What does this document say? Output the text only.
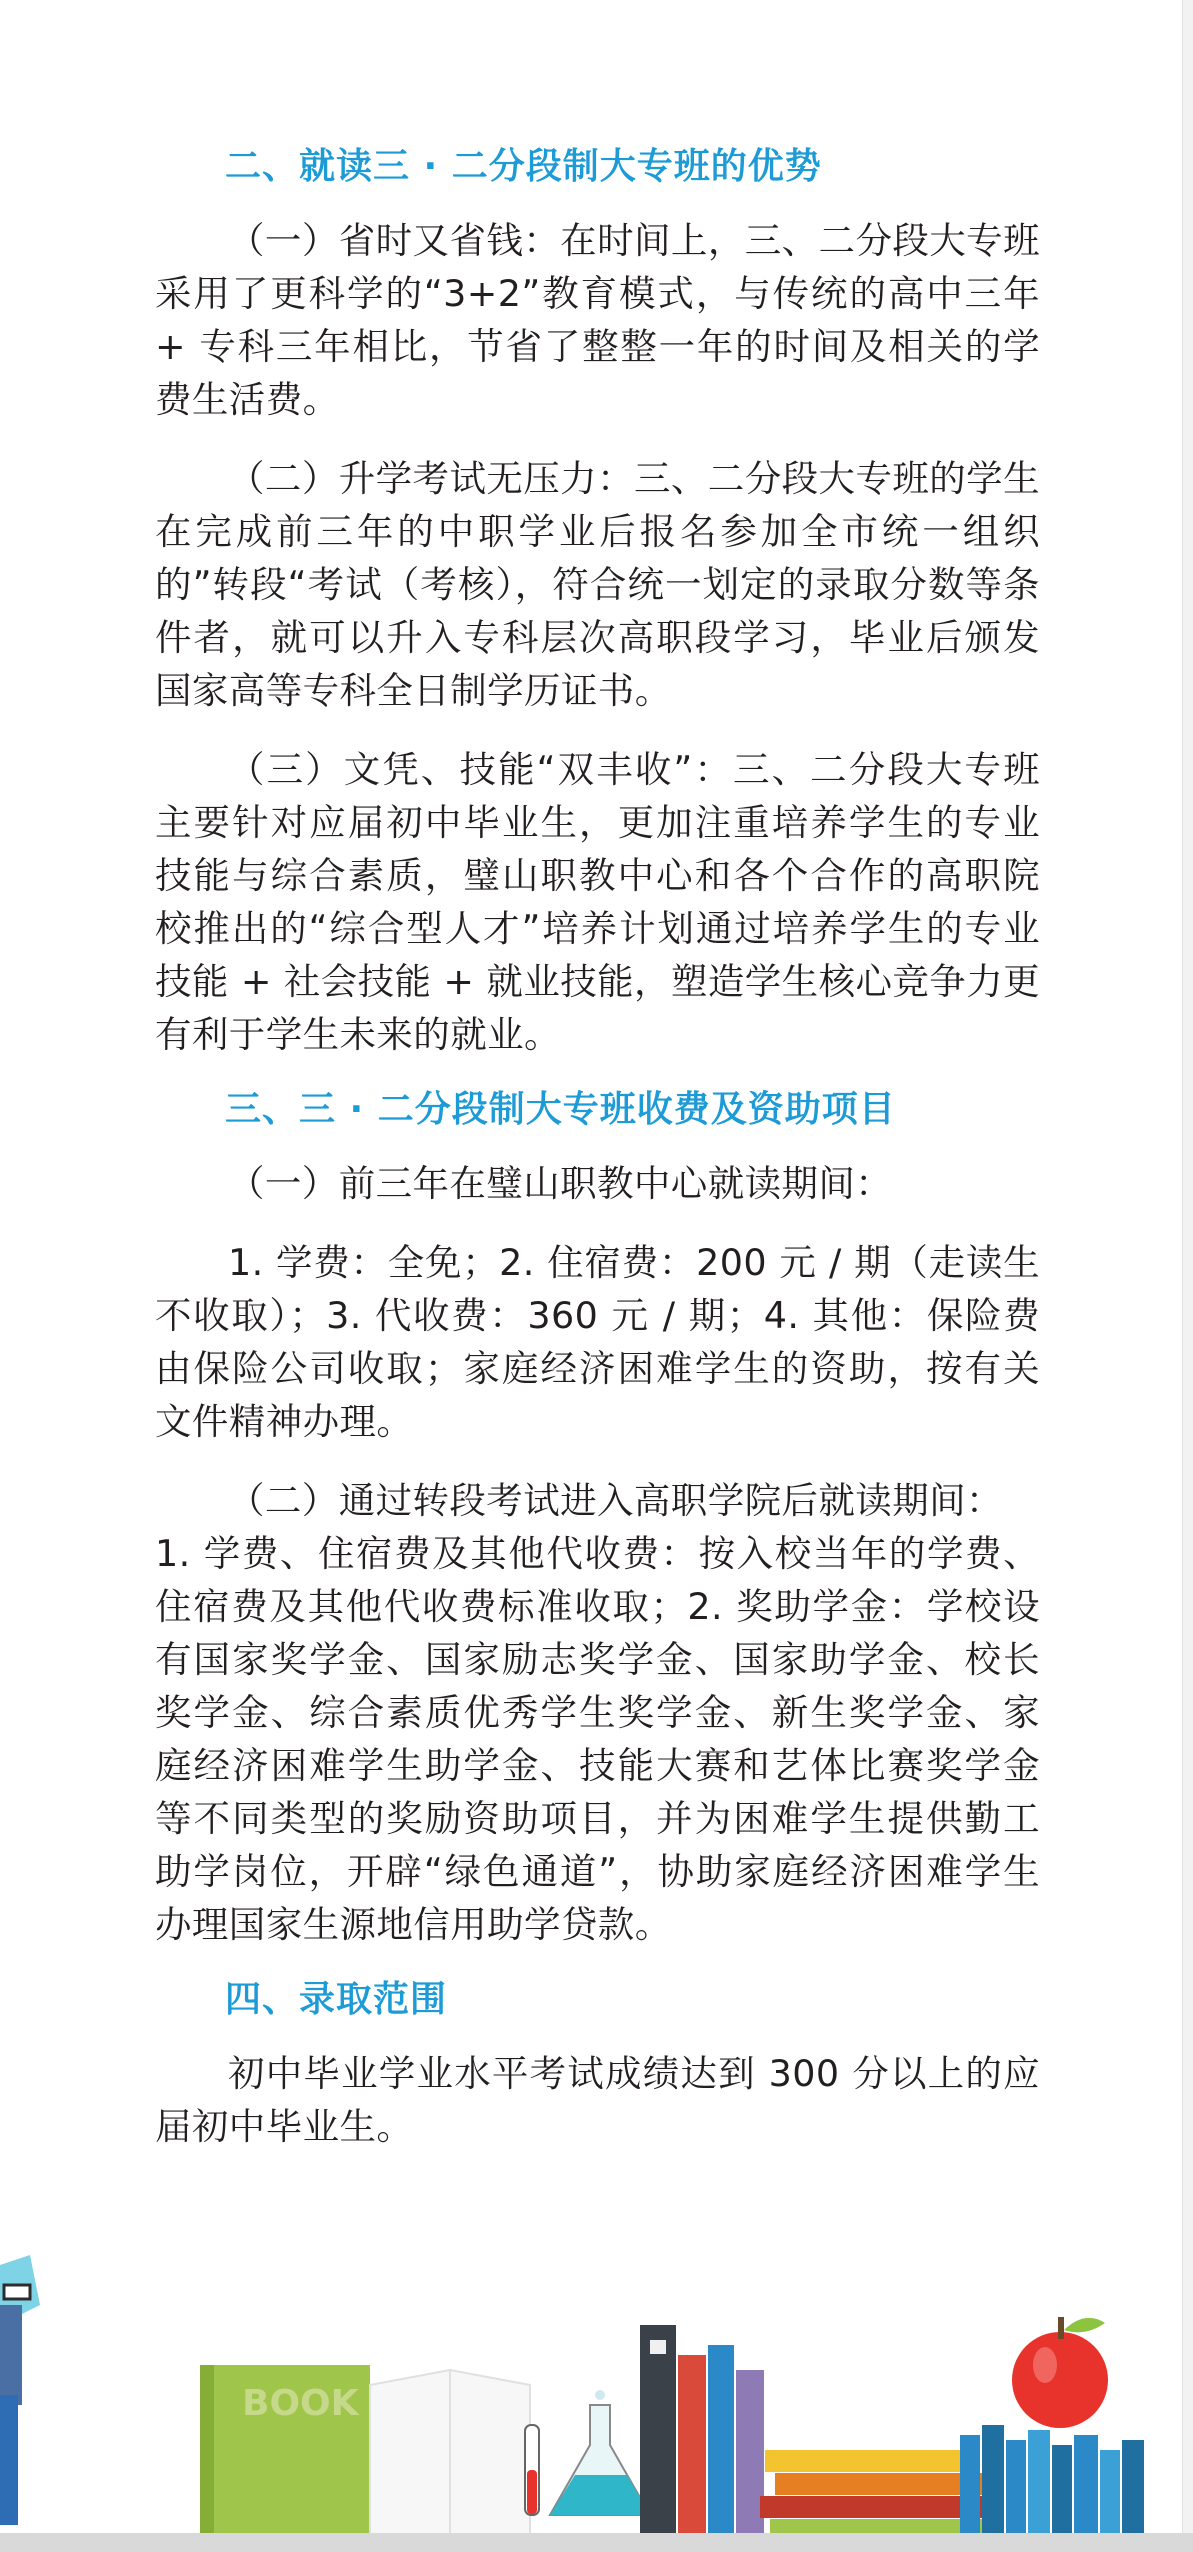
二、就读三 · 二分段制大专班的优势

（一）省时又省钱：在时间上，三、二分段大专班采用了更科学的“3+2”教育模式，与传统的高中三年 + 专科三年相比，节省了整整一年的时间及相关的学费生活费。

（二）升学考试无压力：三、二分段大专班的学生在完成前三年的中职学业后报名参加全市统一组织的”转段“考试（考核），符合统一划定的录取分数等条件者，就可以升入专科层次高职段学习，毕业后颁发国家高等专科全日制学历证书。

（三）文凭、技能“双丰收”：三、二分段大专班主要针对应届初中毕业生，更加注重培养学生的专业技能与综合素质，璧山职教中心和各个合作的高职院校推出的“综合型人才”培养计划通过培养学生的专业技能 + 社会技能 + 就业技能，塑造学生核心竞争力更有利于学生未来的就业。

三、三 · 二分段制大专班收费及资助项目

（一）前三年在璧山职教中心就读期间：

1. 学费：全免；2. 住宿费：200 元 / 期（走读生不收取）；3. 代收费：360 元 / 期；4. 其他：保险费由保险公司收取；家庭经济困难学生的资助，按有关文件精神办理。

（二）通过转段考试进入高职学院后就读期间：

1. 学费、住宿费及其他代收费：按入校当年的学费、住宿费及其他代收费标准收取；2. 奖助学金：学校设有国家奖学金、国家励志奖学金、国家助学金、校长奖学金、综合素质优秀学生奖学金、新生奖学金、家庭经济困难学生助学金、技能大赛和艺体比赛奖学金等不同类型的奖励资助项目，并为困难学生提供勤工助学岗位，开辟“绿色通道”，协助家庭经济困难学生办理国家生源地信用助学贷款。

四、录取范围

初中毕业学业水平考试成绩达到 300 分以上的应届初中毕业生。

BOOK
